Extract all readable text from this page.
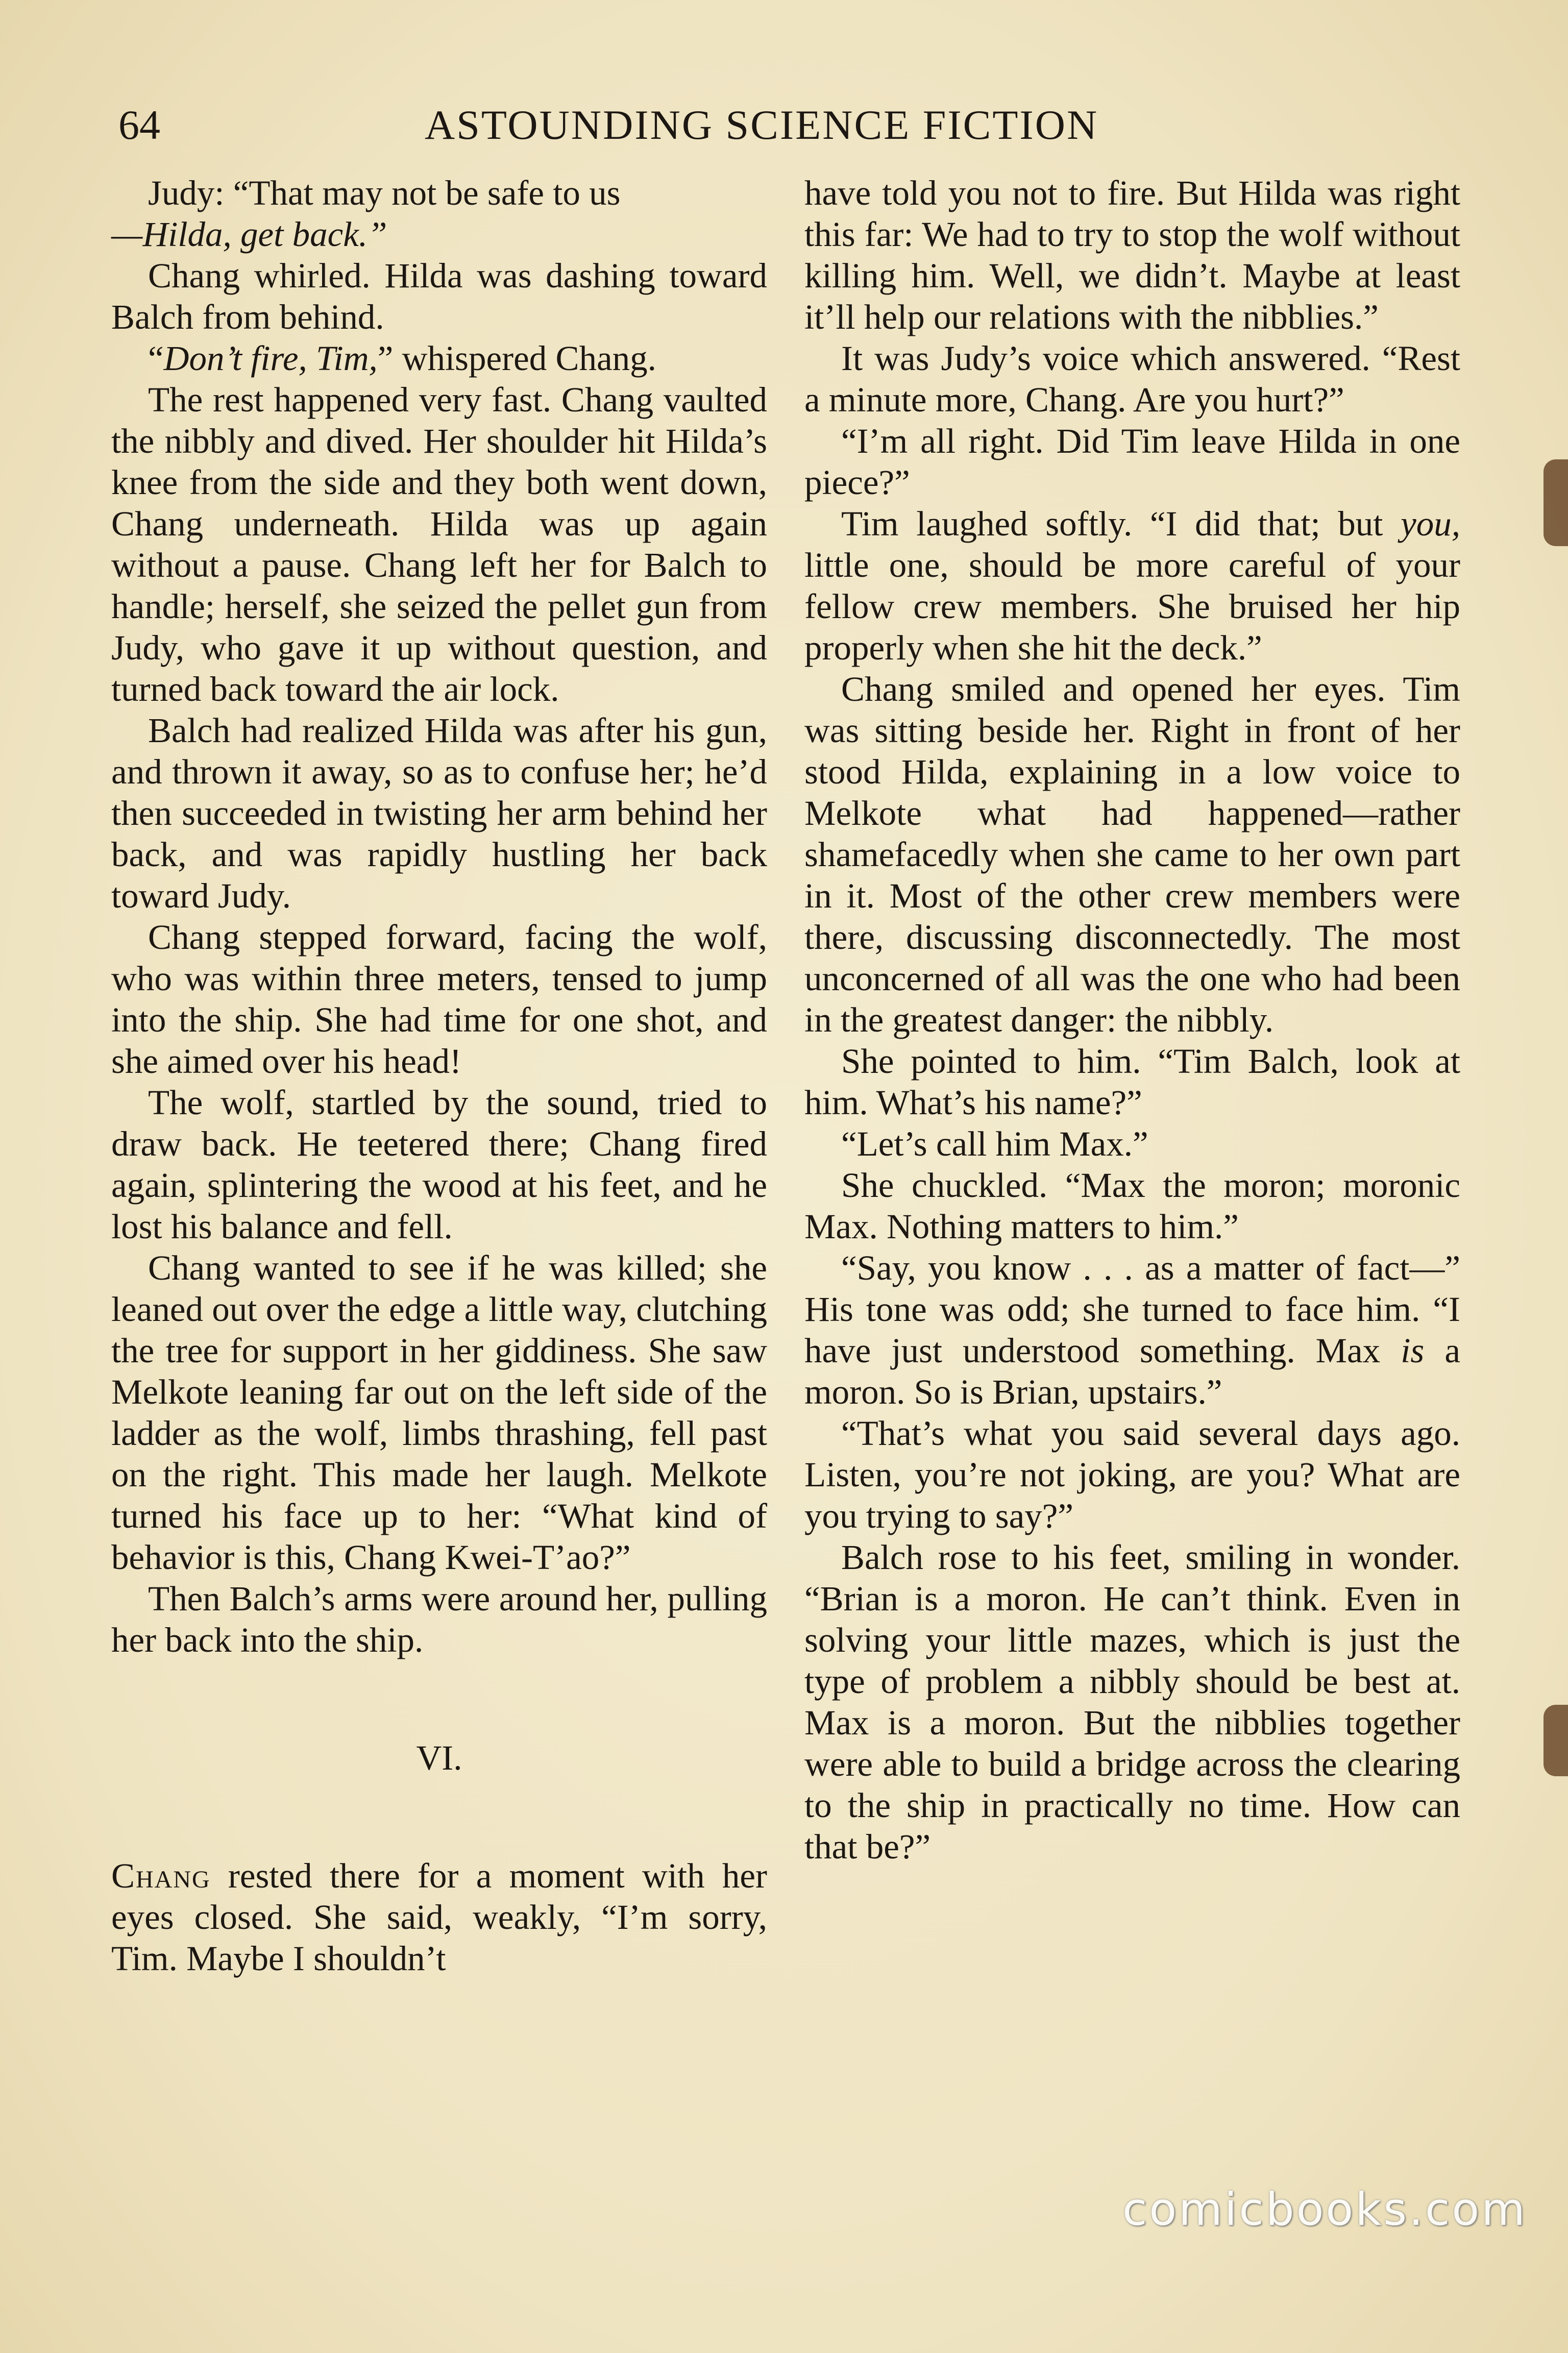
64	ASTOUNDING SCIENCE FICTION

Judy: “That may not be safe to us
—Hilda, get back.”

Chang whirled. Hilda was dashing toward Balch from behind.

“Don’t fire, Tim,” whispered Chang.

The rest happened very fast. Chang vaulted the nibbly and dived. Her shoulder hit Hilda’s knee from the side and they both went down, Chang underneath. Hilda was up again without a pause. Chang left her for Balch to handle; herself, she seized the pellet gun from Judy, who gave it up without question, and turned back toward the air lock.

Balch had realized Hilda was after his gun, and thrown it away, so as to confuse her; he’d then succeeded in twisting her arm behind her back, and was rapidly hustling her back toward Judy.

Chang stepped forward, facing the wolf, who was within three meters, tensed to jump into the ship. She had time for one shot, and she aimed over his head!

The wolf, startled by the sound, tried to draw back. He teetered there; Chang fired again, splintering the wood at his feet, and he lost his balance and fell.

Chang wanted to see if he was killed; she leaned out over the edge a little way, clutching the tree for support in her giddiness. She saw Melkote leaning far out on the left side of the ladder as the wolf, limbs thrashing, fell past on the right. This made her laugh. Melkote turned his face up to her: “What kind of behavior is this, Chang Kwei-T’ao?”

Then Balch’s arms were around her, pulling her back into the ship.

VI.

Chang rested there for a moment with her eyes closed. She said, weakly, “I’m sorry, Tim. Maybe I shouldn’t

have told you not to fire. But Hilda was right this far: We had to try to stop the wolf without killing him. Well, we didn’t. Maybe at least it’ll help our relations with the nibblies.”

It was Judy’s voice which answered. “Rest a minute more, Chang. Are you hurt?”

“I’m all right. Did Tim leave Hilda in one piece?”

Tim laughed softly. “I did that; but you, little one, should be more careful of your fellow crew members. She bruised her hip properly when she hit the deck.”

Chang smiled and opened her eyes. Tim was sitting beside her. Right in front of her stood Hilda, explaining in a low voice to Melkote what had happened—rather shamefacedly when she came to her own part in it. Most of the other crew members were there, discussing disconnectedly. The most unconcerned of all was the one who had been in the greatest danger: the nibbly.

She pointed to him. “Tim Balch, look at him. What’s his name?”

“Let’s call him Max.”

She chuckled. “Max the moron; moronic Max. Nothing matters to him.”

“Say, you know . . . as a matter of fact—” His tone was odd; she turned to face him. “I have just understood something. Max is a moron. So is Brian, upstairs.”

“That’s what you said several days ago. Listen, you’re not joking, are you? What are you trying to say?”

Balch rose to his feet, smiling in wonder. “Brian is a moron. He can’t think. Even in solving your little mazes, which is just the type of problem a nibbly should be best at. Max is a moron. But the nibblies together were able to build a bridge across the clearing to the ship in practically no time. How can that be?”

comicbooks.com
